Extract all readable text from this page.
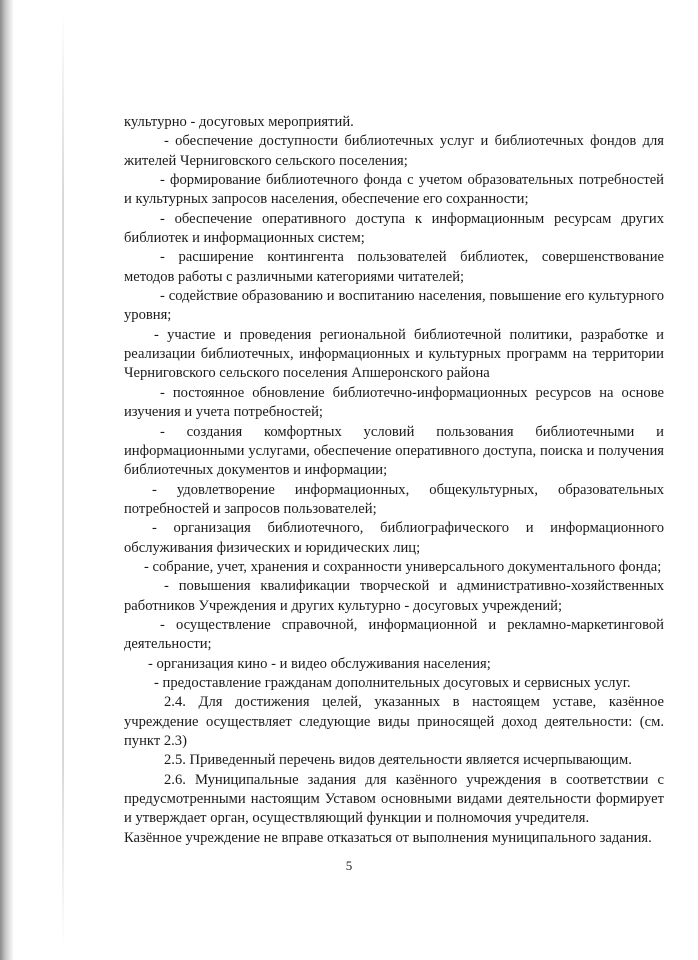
культурно - досуговых мероприятий.

- обеспечение доступности библиотечных услуг и библиотечных фондов для жителей Черниговского сельского поселения;

- формирование библиотечного фонда с учетом образовательных потребностей и культурных запросов населения, обеспечение его сохранности;

- обеспечение оперативного доступа к информационным ресурсам других библиотек и информационных систем;

- расширение контингента пользователей библиотек, совершенствование методов работы с различными категориями читателей;

- содействие образованию и воспитанию населения, повышение его культурного уровня;

- участие и проведения региональной библиотечной политики, разработке и реализации библиотечных, информационных и культурных программ на территории Черниговского сельского поселения Апшеронского района

- постоянное обновление библиотечно-информационных ресурсов на основе изучения и учета потребностей;

- создания комфортных условий пользования библиотечными и информационными услугами, обеспечение оперативного доступа, поиска и получения библиотечных документов и информации;

- удовлетворение информационных, общекультурных, образовательных потребностей и запросов пользователей;

- организация библиотечного, библиографического и информационного обслуживания физических и юридических лиц;

- собрание, учет, хранения и сохранности универсального документального фонда;

- повышения квалификации творческой и административно-хозяйственных работников Учреждения и других культурно - досуговых учреждений;

- осуществление справочной, информационной и рекламно-маркетинговой деятельности;

- организация кино - и видео обслуживания населения;

- предоставление гражданам дополнительных досуговых и сервисных услуг.

2.4. Для достижения целей, указанных в настоящем уставе, казённое учреждение осуществляет следующие виды приносящей доход деятельности: (см. пункт 2.3)

2.5. Приведенный перечень видов деятельности является исчерпывающим.

2.6. Муниципальные задания для казённого учреждения в соответствии с предусмотренными настоящим Уставом основными видами деятельности формирует и утверждает орган, осуществляющий функции и полномочия учредителя.

Казённое учреждение не вправе отказаться от выполнения муниципального задания.

5
